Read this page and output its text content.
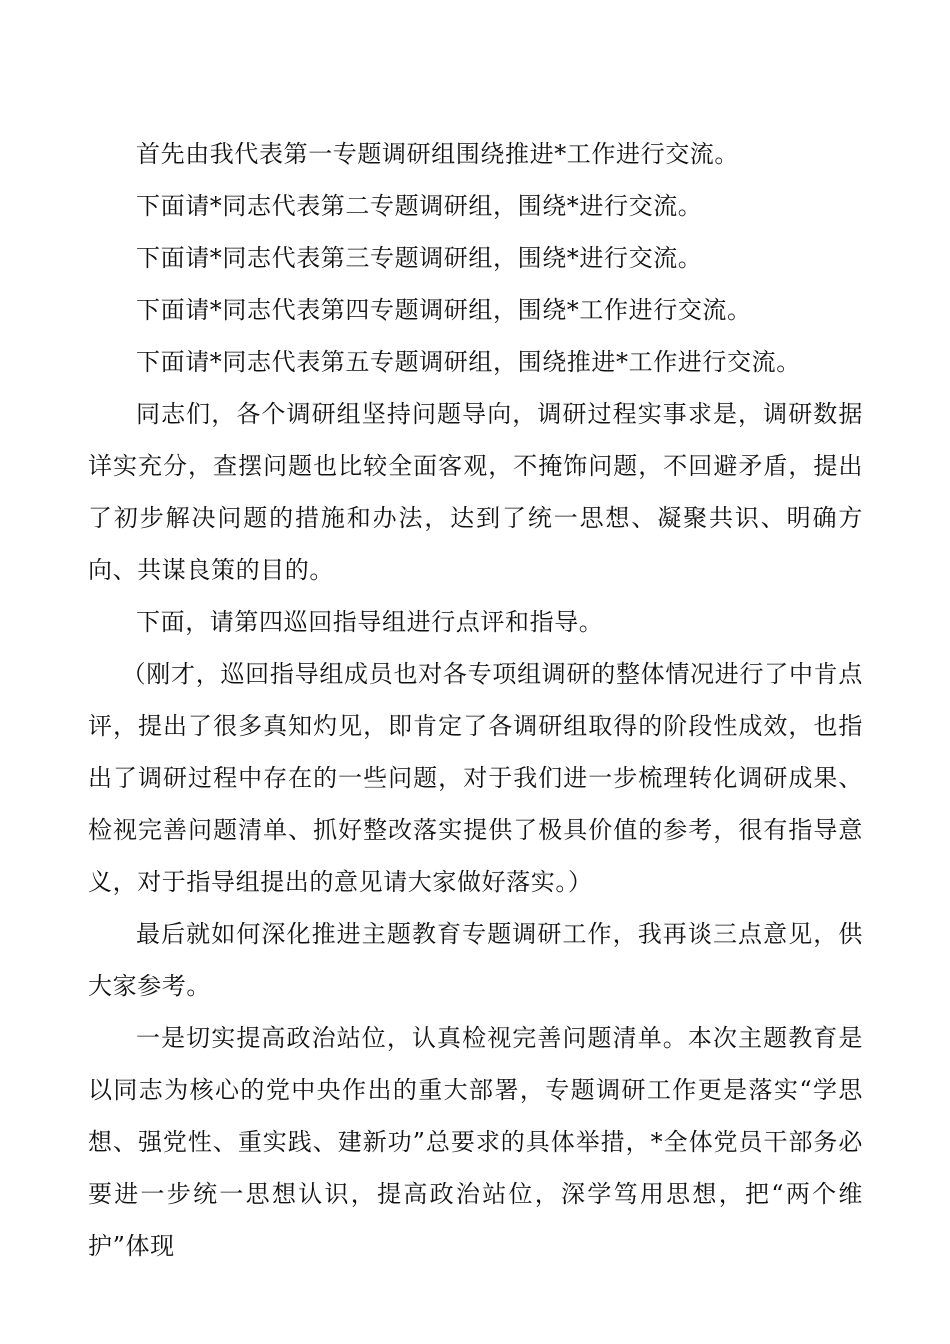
首先由我代表第一专题调研组围绕推进*工作进行交流。

下面请*同志代表第二专题调研组，围绕*进行交流。

下面请*同志代表第三专题调研组，围绕*进行交流。

下面请*同志代表第四专题调研组，围绕*工作进行交流。

下面请*同志代表第五专题调研组，围绕推进*工作进行交流。

同志们，各个调研组坚持问题导向，调研过程实事求是，调研数据详实充分，查摆问题也比较全面客观，不掩饰问题，不回避矛盾，提出了初步解决问题的措施和办法，达到了统一思想、凝聚共识、明确方向、共谋良策的目的。

下面，请第四巡回指导组进行点评和指导。

（刚才，巡回指导组成员也对各专项组调研的整体情况进行了中肯点评，提出了很多真知灼见，即肯定了各调研组取得的阶段性成效，也指出了调研过程中存在的一些问题，对于我们进一步梳理转化调研成果、检视完善问题清单、抓好整改落实提供了极具价值的参考，很有指导意义，对于指导组提出的意见请大家做好落实。）

最后就如何深化推进主题教育专题调研工作，我再谈三点意见，供大家参考。

一是切实提高政治站位，认真检视完善问题清单。本次主题教育是以同志为核心的党中央作出的重大部署，专题调研工作更是落实“学思想、强党性、重实践、建新功”总要求的具体举措，*全体党员干部务必要进一步统一思想认识，提高政治站位，深学笃用思想，把“两个维护”体现
